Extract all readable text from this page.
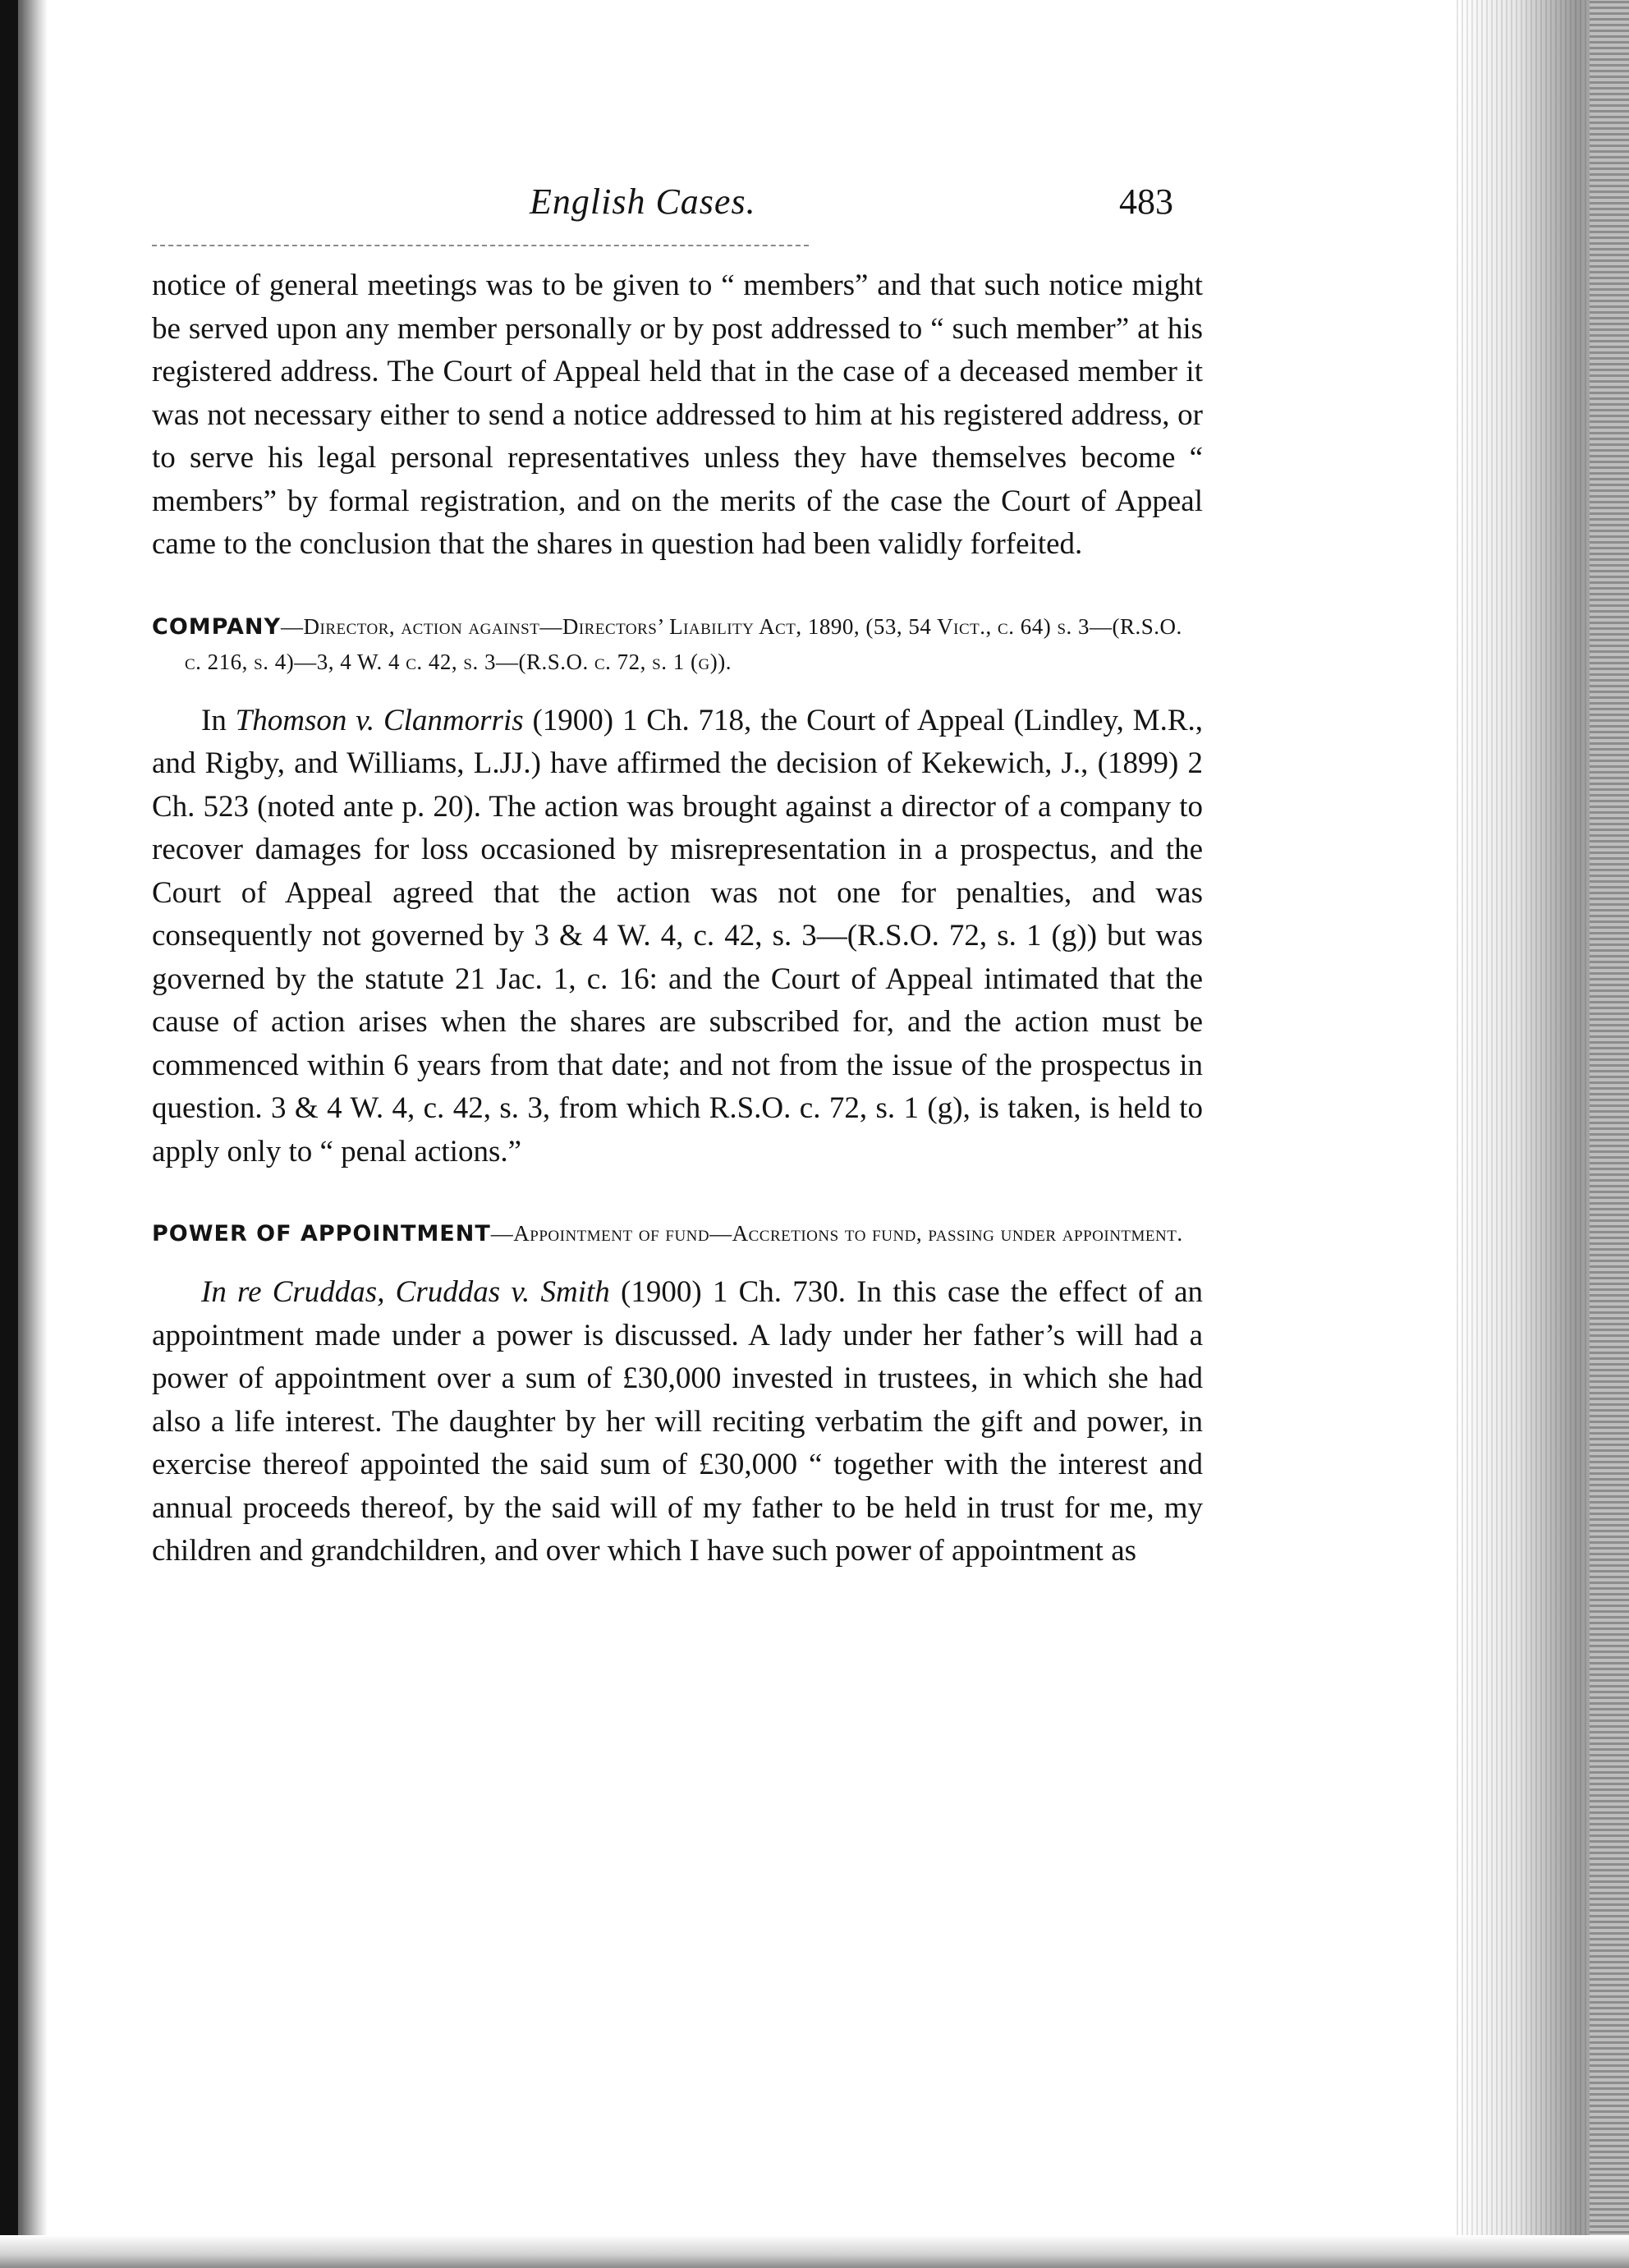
English Cases.	483

notice of general meetings was to be given to “ members” and that such notice might be served upon any member personally or by post addressed to “ such member” at his registered address. The Court of Appeal held that in the case of a deceased member it was not necessary either to send a notice addressed to him at his registered address, or to serve his legal personal representatives unless they have themselves become “ members” by formal registration, and on the merits of the case the Court of Appeal came to the conclusion that the shares in question had been validly forfeited.

COMPANY—Director, action against—Directors’ Liability Act, 1890, (53, 54 Vict., c. 64) s. 3—(R.S.O. c. 216, s. 4)—3, 4 W. 4 c. 42, s. 3—(R.S.O. c. 72, s. 1 (g)).

In Thomson v. Clanmorris (1900) 1 Ch. 718, the Court of Appeal (Lindley, M.R., and Rigby, and Williams, L.JJ.) have affirmed the decision of Kekewich, J., (1899) 2 Ch. 523 (noted ante p. 20). The action was brought against a director of a company to recover damages for loss occasioned by misrepresentation in a prospectus, and the Court of Appeal agreed that the action was not one for penalties, and was consequently not governed by 3 & 4 W. 4, c. 42, s. 3—(R.S.O. 72, s. 1 (g)) but was governed by the statute 21 Jac. 1, c. 16: and the Court of Appeal intimated that the cause of action arises when the shares are subscribed for, and the action must be commenced within 6 years from that date; and not from the issue of the prospectus in question. 3 & 4 W. 4, c. 42, s. 3, from which R.S.O. c. 72, s. 1 (g), is taken, is held to apply only to “ penal actions.”

POWER OF APPOINTMENT—Appointment of fund—Accretions to fund, passing under appointment.

In re Cruddas, Cruddas v. Smith (1900) 1 Ch. 730. In this case the effect of an appointment made under a power is discussed. A lady under her father’s will had a power of appointment over a sum of £30,000 invested in trustees, in which she had also a life interest. The daughter by her will reciting verbatim the gift and power, in exercise thereof appointed the said sum of £30,000 “ together with the interest and annual proceeds thereof, by the said will of my father to be held in trust for me, my children and grandchildren, and over which I have such power of appointment as
